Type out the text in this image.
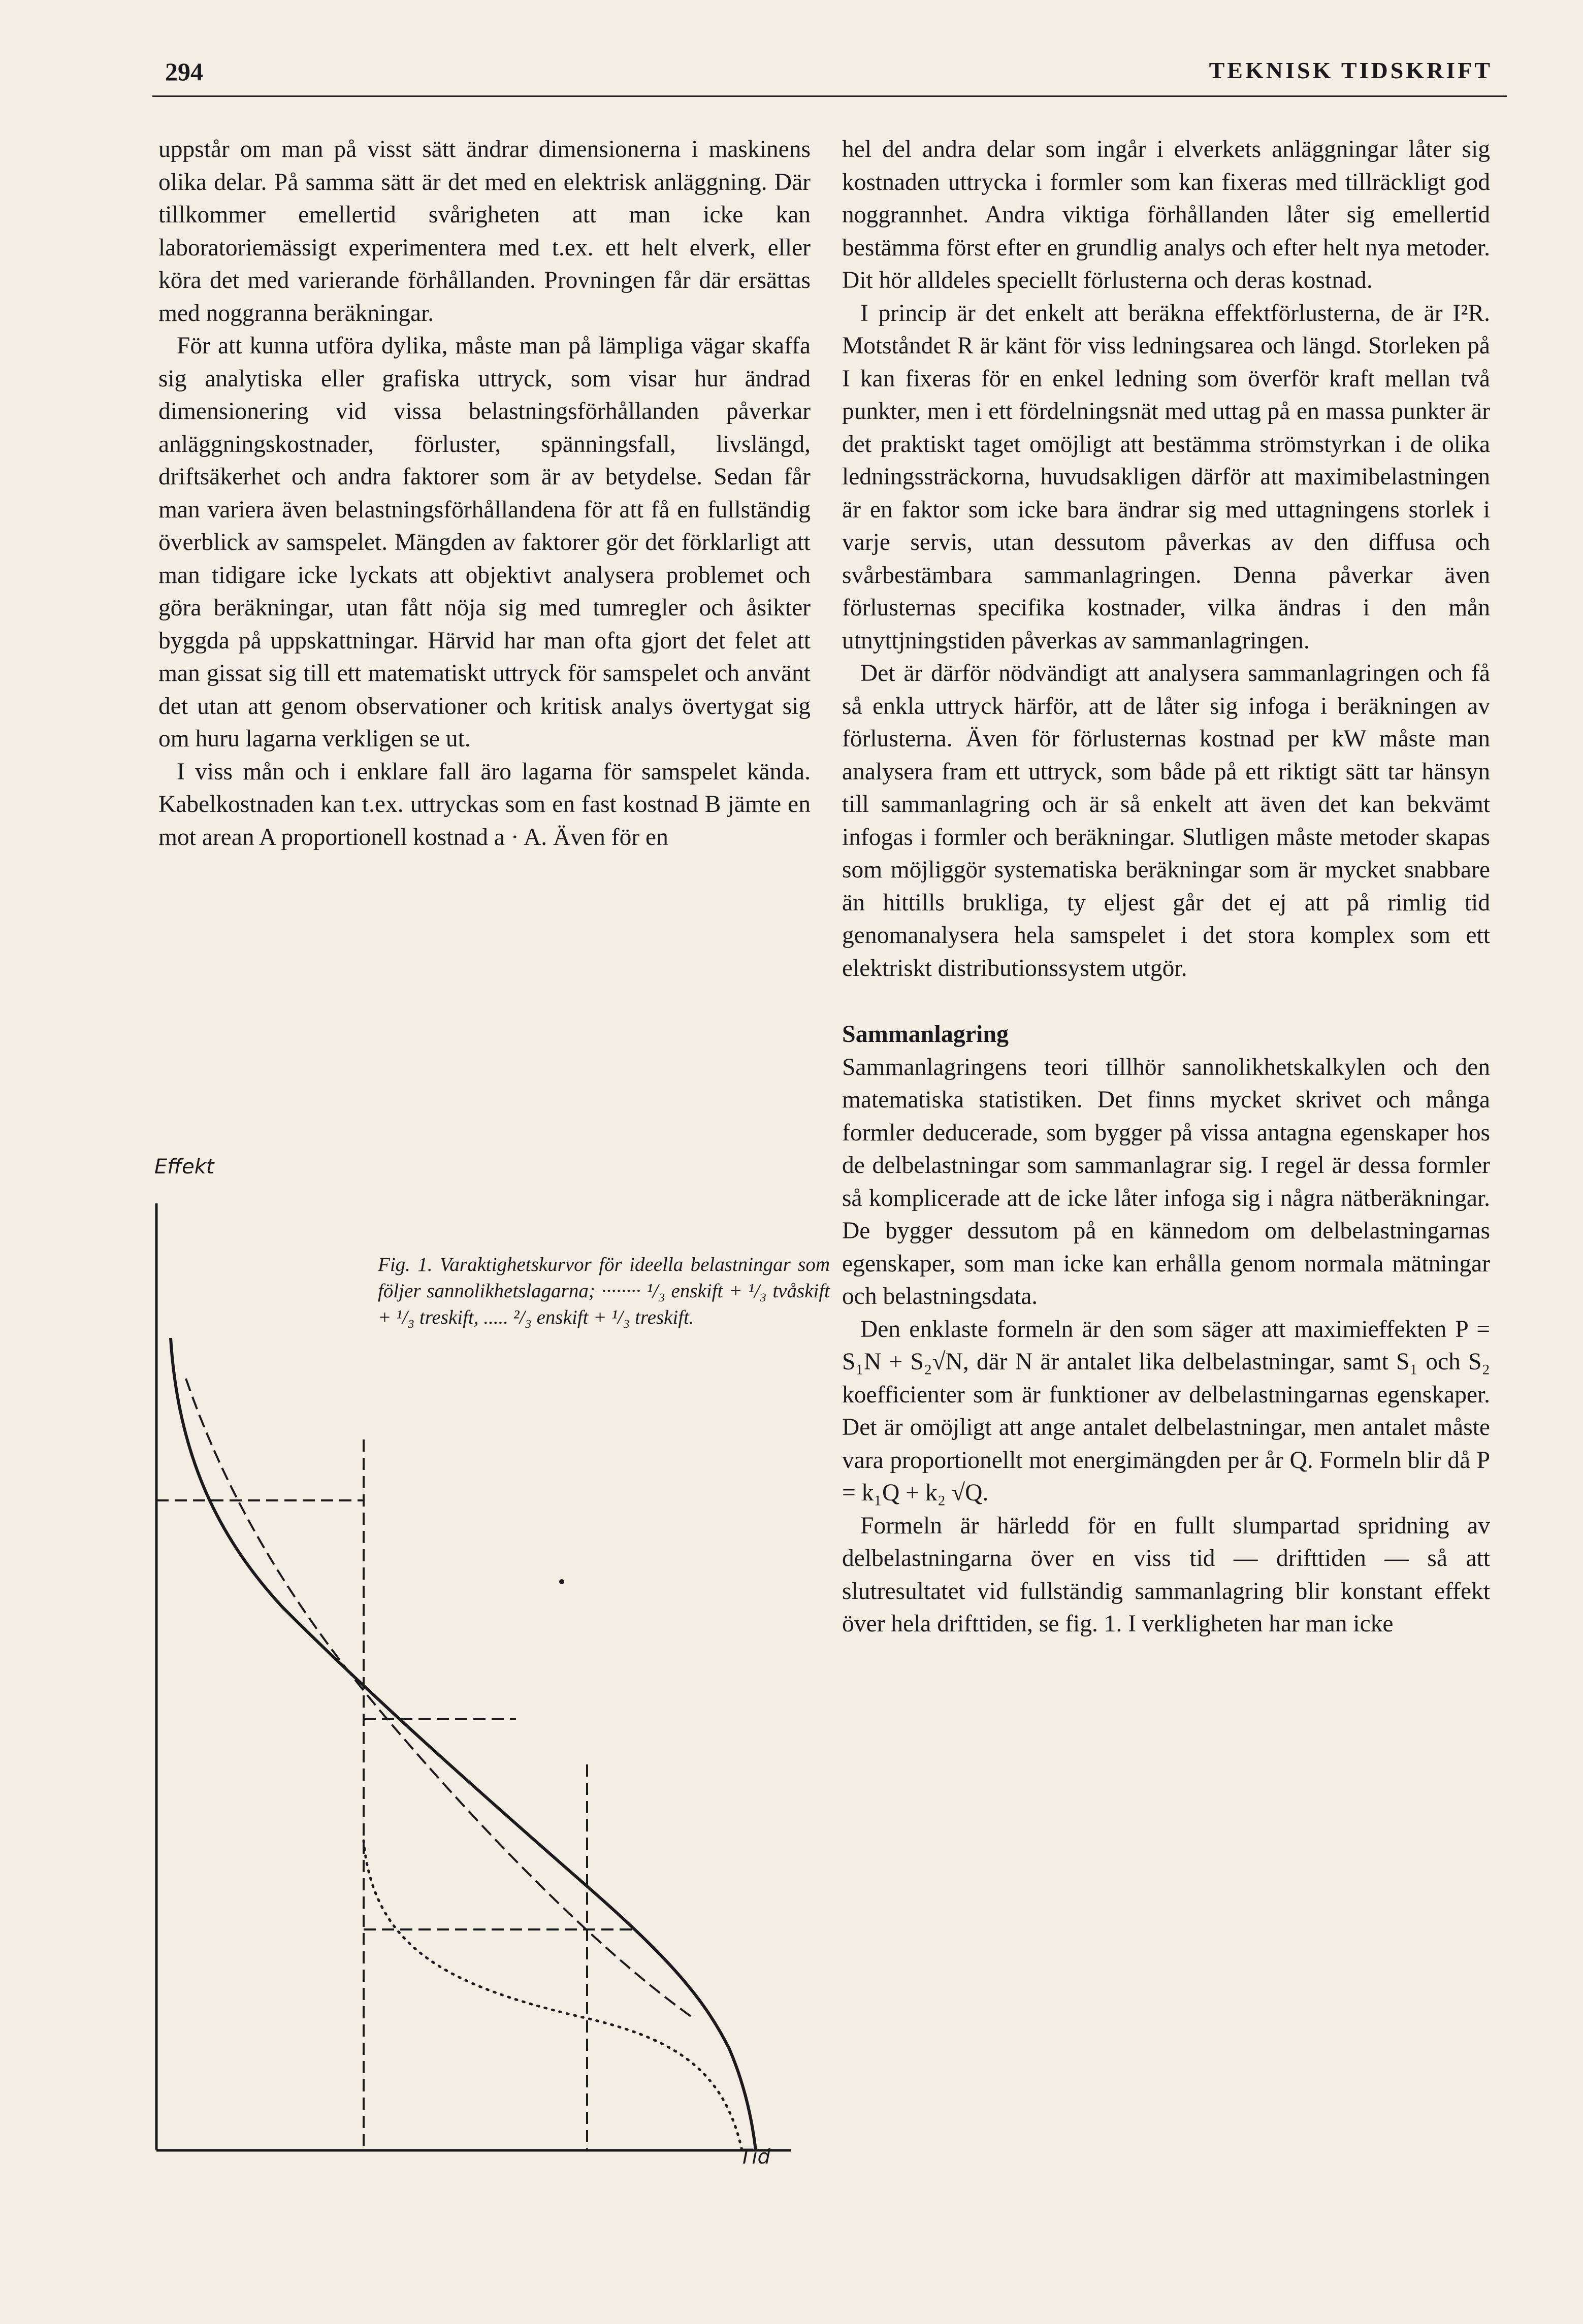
294	TEKNISK TIDSKRIFT

uppstår om man på visst sätt ändrar dimensionerna i maskinens olika delar. På samma sätt är det med en elektrisk anläggning. Där tillkommer emellertid svårigheten att man icke kan laboratoriemässigt experimentera med t.ex. ett helt elverk, eller köra det med varierande förhållanden. Provningen får där ersättas med noggranna beräkningar.

För att kunna utföra dylika, måste man på lämpliga vägar skaffa sig analytiska eller grafiska uttryck, som visar hur ändrad dimensionering vid vissa belastningsförhållanden påverkar anläggningskostnader, förluster, spänningsfall, livslängd, driftsäkerhet och andra faktorer som är av betydelse. Sedan får man variera även belastningsförhållandena för att få en fullständig överblick av samspelet. Mängden av faktorer gör det förklarligt att man tidigare icke lyckats att objektivt analysera problemet och göra beräkningar, utan fått nöja sig med tumregler och åsikter byggda på uppskattningar. Härvid har man ofta gjort det felet att man gissat sig till ett matematiskt uttryck för samspelet och använt det utan att genom observationer och kritisk analys övertygat sig om huru lagarna verkligen se ut.

I viss mån och i enklare fall äro lagarna för samspelet kända. Kabelkostnaden kan t.ex. uttryckas som en fast kostnad B jämte en mot arean A proportionell kostnad a · A. Även för en

Effekt
Tid
Fig. 1. Varaktighetskurvor för ideella belastningar som följer sannolikhetslagarna; ········ ¹/₃ enskift + ¹/₃ tvåskift + ¹/₃ treskift, ..... ²/₃ enskift + ¹/₃ treskift.

hel del andra delar som ingår i elverkets anläggningar låter sig kostnaden uttrycka i formler som kan fixeras med tillräckligt god noggrannhet. Andra viktiga förhållanden låter sig emellertid bestämma först efter en grundlig analys och efter helt nya metoder. Dit hör alldeles speciellt förlusterna och deras kostnad.

I princip är det enkelt att beräkna effektförlusterna, de är I²R. Motståndet R är känt för viss ledningsarea och längd. Storleken på I kan fixeras för en enkel ledning som överför kraft mellan två punkter, men i ett fördelningsnät med uttag på en massa punkter är det praktiskt taget omöjligt att bestämma strömstyrkan i de olika ledningssträckorna, huvudsakligen därför att maximibelastningen är en faktor som icke bara ändrar sig med uttagningens storlek i varje servis, utan dessutom påverkas av den diffusa och svårbestämbara sammanlagringen. Denna påverkar även förlusternas specifika kostnader, vilka ändras i den mån utnyttjningstiden påverkas av sammanlagringen.

Det är därför nödvändigt att analysera sammanlagringen och få så enkla uttryck härför, att de låter sig infoga i beräkningen av förlusterna. Även för förlusternas kostnad per kW måste man analysera fram ett uttryck, som både på ett riktigt sätt tar hänsyn till sammanlagring och är så enkelt att även det kan bekvämt infogas i formler och beräkningar. Slutligen måste metoder skapas som möjliggör systematiska beräkningar som är mycket snabbare än hittills brukliga, ty eljest går det ej att på rimlig tid genomanalysera hela samspelet i det stora komplex som ett elektriskt distributionssystem utgör.

Sammanlagring

Sammanlagringens teori tillhör sannolikhetskalkylen och den matematiska statistiken. Det finns mycket skrivet och många formler deducerade, som bygger på vissa antagna egenskaper hos de delbelastningar som sammanlagrar sig. I regel är dessa formler så komplicerade att de icke låter infoga sig i några nätberäkningar. De bygger dessutom på en kännedom om delbelastningarnas egenskaper, som man icke kan erhålla genom normala mätningar och belastningsdata.

Den enklaste formeln är den som säger att maximieffekten P = S₁N + S₂√N, där N är antalet lika delbelastningar, samt S₁ och S₂ koefficienter som är funktioner av delbelastningarnas egenskaper. Det är omöjligt att ange antalet delbelastningar, men antalet måste vara proportionellt mot energimängden per år Q. Formeln blir då P = k₁Q + k₂ √Q.

Formeln är härledd för en fullt slumpartad spridning av delbelastningarna över en viss tid — drifttiden — så att slutresultatet vid fullständig sammanlagring blir konstant effekt över hela drifttiden, se fig. 1. I verkligheten har man icke
